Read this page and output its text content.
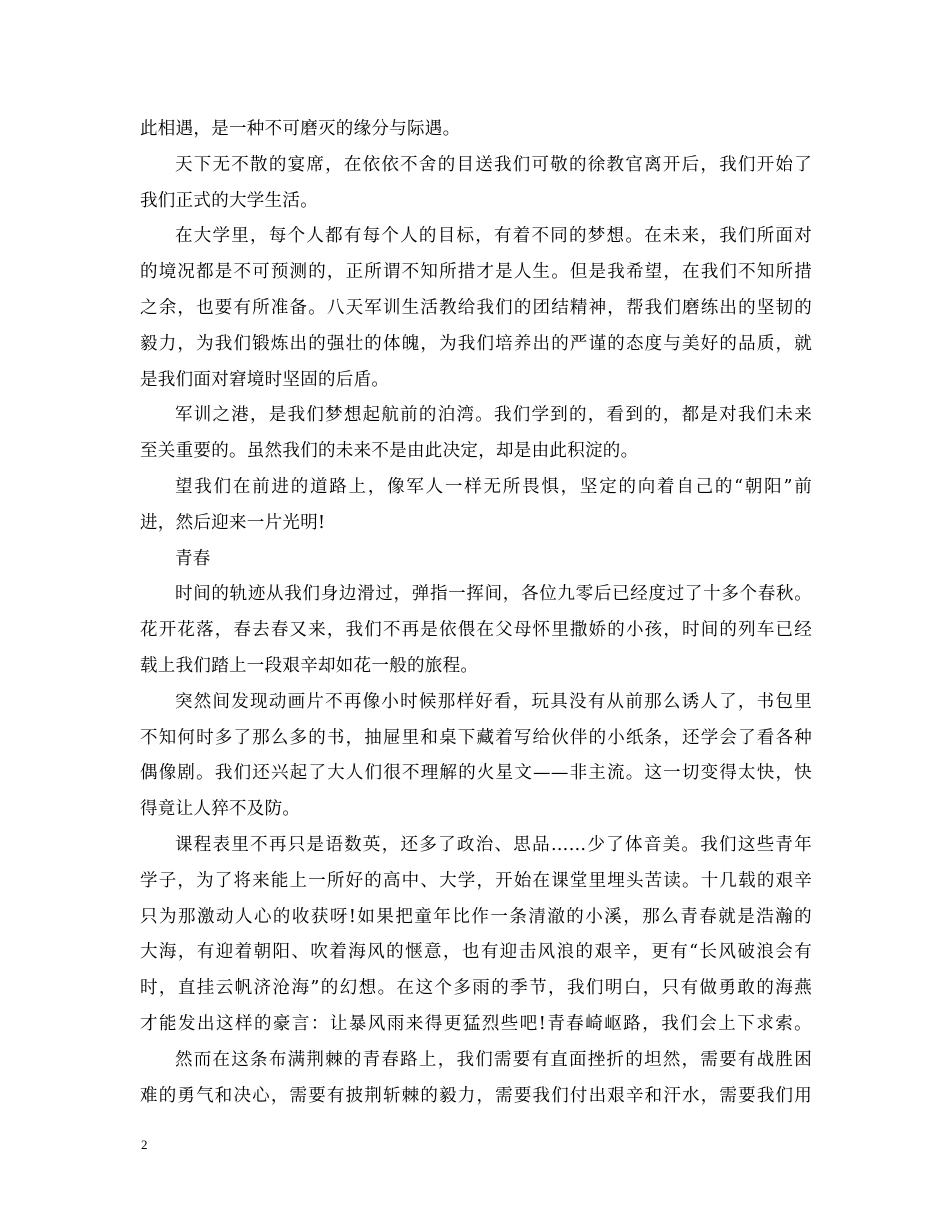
此相遇，是一种不可磨灭的缘分与际遇。
天下无不散的宴席，在依依不舍的目送我们可敬的徐教官离开后，我们开始了
我们正式的大学生活。
在大学里，每个人都有每个人的目标，有着不同的梦想。在未来，我们所面对
的境况都是不可预测的，正所谓不知所措才是人生。但是我希望，在我们不知所措
之余，也要有所准备。八天军训生活教给我们的团结精神，帮我们磨练出的坚韧的
毅力，为我们锻炼出的强壮的体魄，为我们培养出的严谨的态度与美好的品质，就
是我们面对窘境时坚固的后盾。
军训之港，是我们梦想起航前的泊湾。我们学到的，看到的，都是对我们未来
至关重要的。虽然我们的未来不是由此决定，却是由此积淀的。
望我们在前进的道路上，像军人一样无所畏惧，坚定的向着自己的“朝阳”前
进，然后迎来一片光明!
青春
时间的轨迹从我们身边滑过，弹指一挥间，各位九零后已经度过了十多个春秋。
花开花落，春去春又来，我们不再是依偎在父母怀里撒娇的小孩，时间的列车已经
载上我们踏上一段艰辛却如花一般的旅程。
突然间发现动画片不再像小时候那样好看，玩具没有从前那么诱人了，书包里
不知何时多了那么多的书，抽屉里和桌下藏着写给伙伴的小纸条，还学会了看各种
偶像剧。我们还兴起了大人们很不理解的火星文——非主流。这一切变得太快，快
得竟让人猝不及防。
课程表里不再只是语数英，还多了政治、思品……少了体音美。我们这些青年
学子，为了将来能上一所好的高中、大学，开始在课堂里埋头苦读。十几载的艰辛
只为那激动人心的收获呀!如果把童年比作一条清澈的小溪，那么青春就是浩瀚的
大海，有迎着朝阳、吹着海风的惬意，也有迎击风浪的艰辛，更有“长风破浪会有
时，直挂云帆济沧海”的幻想。在这个多雨的季节，我们明白，只有做勇敢的海燕
才能发出这样的豪言：让暴风雨来得更猛烈些吧!青春崎岖路，我们会上下求索。
然而在这条布满荆棘的青春路上，我们需要有直面挫折的坦然，需要有战胜困
难的勇气和决心，需要有披荆斩棘的毅力，需要我们付出艰辛和汗水，需要我们用
2
